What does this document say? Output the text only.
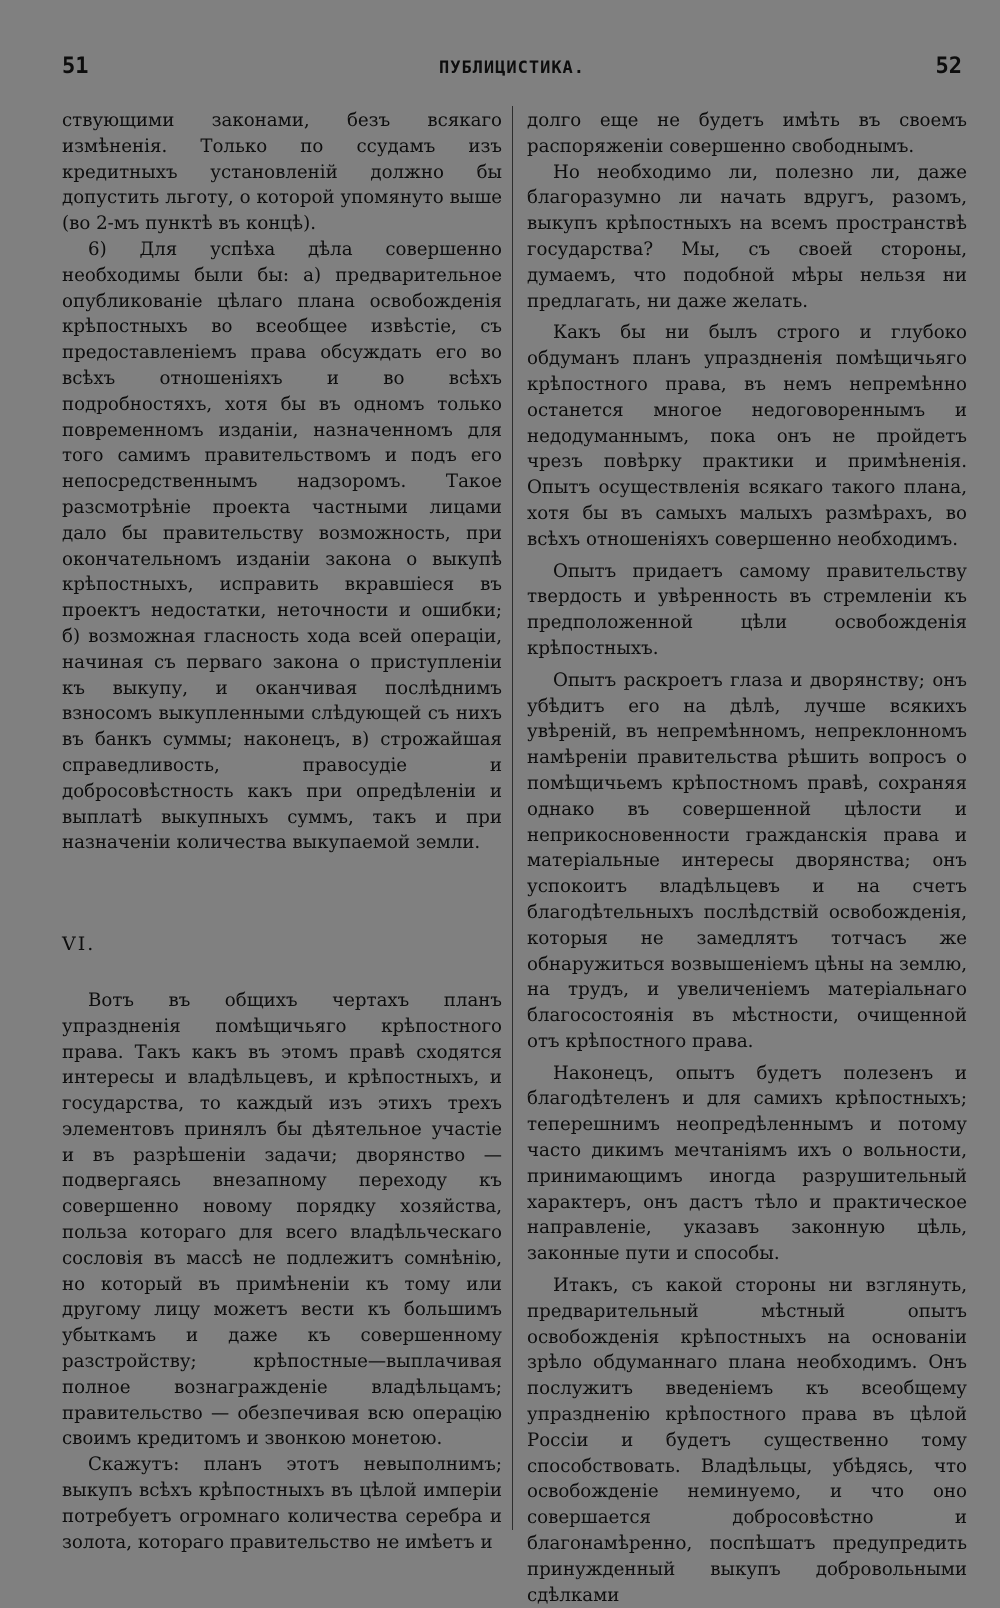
51	ПУБЛИЦИСТИКА.	52

ствующими законами, безъ всякаго измѣненія. Только по ссудамъ изъ кредитныхъ установленій должно бы допустить льготу, о которой упомянуто выше (во 2-мъ пунктѣ въ концѣ).

6) Для успѣха дѣла совершенно необходимы были бы: а) предварительное опубликованіе цѣлаго плана освобожденія крѣпостныхъ во всеобщее извѣстіе, съ предоставленіемъ права обсуждать его во всѣхъ отношеніяхъ и во всѣхъ подробностяхъ, хотя бы въ одномъ только повременномъ изданіи, назначенномъ для того самимъ правительствомъ и подъ его непосредственнымъ надзоромъ. Такое разсмотрѣніе проекта частными лицами дало бы правительству возможность, при окончательномъ изданіи закона о выкупѣ крѣпостныхъ, исправить вкравшіеся въ проектъ недостатки, неточности и ошибки; б) возможная гласность хода всей операціи, начиная съ перваго закона о приступленіи къ выкупу, и оканчивая послѣднимъ взносомъ выкупленными слѣдующей съ нихъ въ банкъ суммы; наконецъ, в) строжайшая справедливость, правосудіе и добросовѣстность какъ при опредѣленіи и выплатѣ выкупныхъ суммъ, такъ и при назначеніи количества выкупаемой земли.

VI.

Вотъ въ общихъ чертахъ планъ упраздненія помѣщичьяго крѣпостного права. Такъ какъ въ этомъ правѣ сходятся интересы и владѣльцевъ, и крѣпостныхъ, и государства, то каждый изъ этихъ трехъ элементовъ принялъ бы дѣятельное участіе и въ разрѣшеніи задачи; дворянство — подвергаясь внезапному переходу къ совершенно новому порядку хозяйства, польза котораго для всего владѣльческаго сословія въ массѣ не подлежитъ сомнѣнію, но который въ примѣненіи къ тому или другому лицу можетъ вести къ большимъ убыткамъ и даже къ совершенному разстройству; крѣпостные—выплачивая полное вознагражденіе владѣльцамъ; правительство — обезпечивая всю операцію своимъ кредитомъ и звонкою монетою.

Скажутъ: планъ этотъ невыполнимъ; выкупъ всѣхъ крѣпостныхъ въ цѣлой имперіи потребуетъ огромнаго количества серебра и золота, котораго правительство не имѣетъ и

долго еще не будетъ имѣть въ своемъ распоряженіи совершенно свободнымъ.

Но необходимо ли, полезно ли, даже благоразумно ли начать вдругъ, разомъ, выкупъ крѣпостныхъ на всемъ пространствѣ государства? Мы, съ своей стороны, думаемъ, что подобной мѣры нельзя ни предлагать, ни даже желать.

Какъ бы ни былъ строго и глубоко обдуманъ планъ упраздненія помѣщичьяго крѣпостного права, въ немъ непремѣнно останется многое недоговореннымъ и недодуманнымъ, пока онъ не пройдетъ чрезъ повѣрку практики и примѣненія. Опытъ осуществленія всякаго такого плана, хотя бы въ самыхъ малыхъ размѣрахъ, во всѣхъ отношеніяхъ совершенно необходимъ.

Опытъ придаетъ самому правительству твердость и увѣренность въ стремленіи къ предположенной цѣли освобожденія крѣпостныхъ.

Опытъ раскроетъ глаза и дворянству; онъ убѣдитъ его на дѣлѣ, лучше всякихъ увѣреній, въ непремѣнномъ, непреклонномъ намѣреніи правительства рѣшить вопросъ о помѣщичьемъ крѣпостномъ правѣ, сохраняя однако въ совершенной цѣлости и неприкосновенности гражданскія права и матеріальные интересы дворянства; онъ успокоитъ владѣльцевъ и на счетъ благодѣтельныхъ послѣдствій освобожденія, которыя не замедлятъ тотчасъ же обнаружиться возвышеніемъ цѣны на землю, на трудъ, и увеличеніемъ матеріальнаго благосостоянія въ мѣстности, очищенной отъ крѣпостного права.

Наконецъ, опытъ будетъ полезенъ и благодѣтеленъ и для самихъ крѣпостныхъ; теперешнимъ неопредѣленнымъ и потому часто дикимъ мечтаніямъ ихъ о вольности, принимающимъ иногда разрушительный характеръ, онъ дастъ тѣло и практическое направленіе, указавъ законную цѣль, законные пути и способы.

Итакъ, съ какой стороны ни взглянуть, предварительный мѣстный опытъ освобожденія крѣпостныхъ на основаніи зрѣло обдуманнаго плана необходимъ. Онъ послужитъ введеніемъ къ всеобщему упраздненію крѣпостного права въ цѣлой Россіи и будетъ существенно тому способствовать. Владѣльцы, убѣдясь, что освобожденіе неминуемо, и что оно совершается добросовѣстно и благонамѣренно, поспѣшатъ предупредить принужденный выкупъ добровольными сдѣлками
